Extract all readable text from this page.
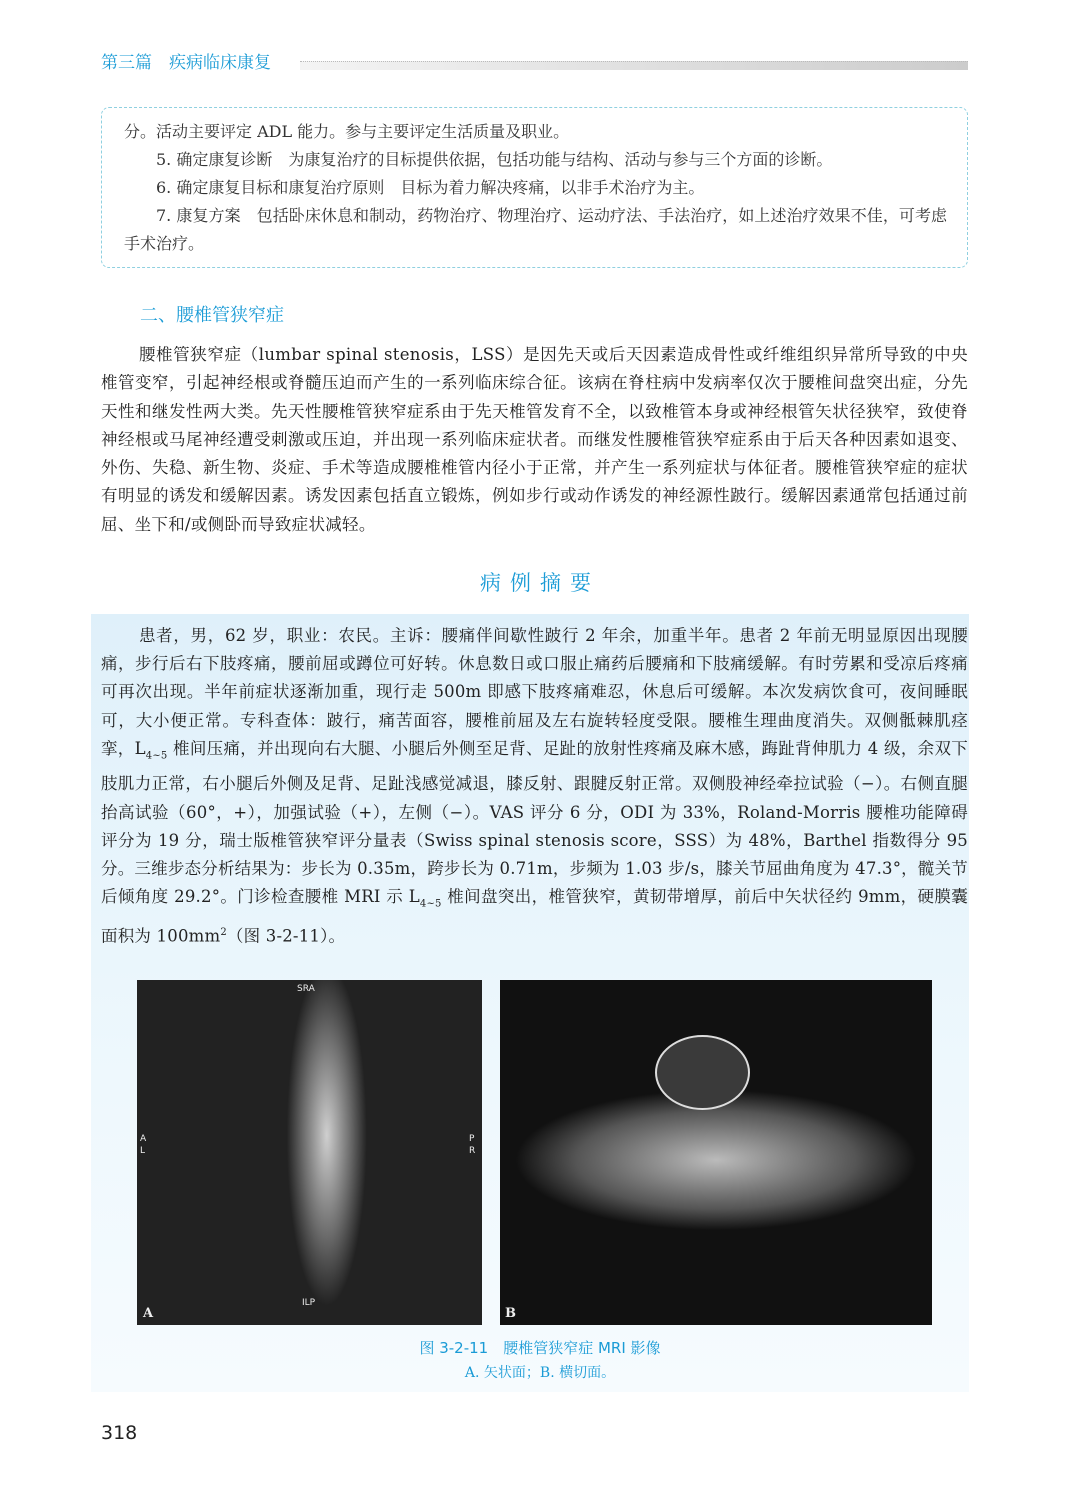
第三篇　 疾病临床康复
分。活动主要评定 ADL 能力。参与主要评定生活质量及职业。
5. 确定康复诊断　为康复治疗的目标提供依据，包括功能与结构、活动与参与三个方面的诊断。
6. 确定康复目标和康复治疗原则　目标为着力解决疼痛，以非手术治疗为主。
7. 康复方案　包括卧床休息和制动，药物治疗、物理治疗、运动疗法、手法治疗，如上述治疗效果不佳，可考虑手术治疗。
二、腰椎管狭窄症
腰椎管狭窄症（lumbar spinal stenosis，LSS）是因先天或后天因素造成骨性或纤维组织异常所导致的中央椎管变窄，引起神经根或脊髓压迫而产生的一系列临床综合征。该病在脊柱病中发病率仅次于腰椎间盘突出症，分先天性和继发性两大类。先天性腰椎管狭窄症系由于先天椎管发育不全，以致椎管本身或神经根管矢状径狭窄，致使脊神经根或马尾神经遭受刺激或压迫，并出现一系列临床症状者。而继发性腰椎管狭窄症系由于后天各种因素如退变、外伤、失稳、新生物、炎症、手术等造成腰椎椎管内径小于正常，并产生一系列症状与体征者。腰椎管狭窄症的症状有明显的诱发和缓解因素。诱发因素包括直立锻炼，例如步行或动作诱发的神经源性跛行。缓解因素通常包括通过前屈、坐下和/或侧卧而导致症状减轻。
病例摘要
患者，男，62 岁，职业：农民。主诉：腰痛伴间歇性跛行 2 年余，加重半年。患者 2 年前无明显原因出现腰痛，步行后右下肢疼痛，腰前屈或蹲位可好转。休息数日或口服止痛药后腰痛和下肢痛缓解。有时劳累和受凉后疼痛可再次出现。半年前症状逐渐加重，现行走 500m 即感下肢疼痛难忍，休息后可缓解。本次发病饮食可，夜间睡眠可，大小便正常。专科查体：跛行，痛苦面容，腰椎前屈及左右旋转轻度受限。腰椎生理曲度消失。双侧骶棘肌痉挛，$L_{4\sim 5}$ 椎间压痛，并出现向右大腿、小腿后外侧至足背、足趾的放射性疼痛及麻木感，踇趾背伸肌力 4 级，余双下肢肌力正常，右小腿后外侧及足背、足趾浅感觉减退，膝反射、跟腱反射正常。双侧股神经牵拉试验（−）。右侧直腿抬高试验（60°，+），加强试验（+），左侧（−）。VAS 评分 6 分，ODI 为 33%，Roland-Morris 腰椎功能障碍评分为 19 分，瑞士版椎管狭窄评分量表（Swiss spinal stenosis score，SSS）为 48%，Barthel 指数得分 95 分。三维步态分析结果为：步长为 0.35m，跨步长为 0.71m，步频为 1.03 步/s，膝关节屈曲角度为 47.3°，髋关节后倾角度 29.2°。门诊检查腰椎 MRI 示 $L_{4\sim 5}$ 椎间盘突出，椎管狭窄，黄韧带增厚，前后中矢状径约 9mm，硬膜囊面积为 $100mm^2$（图 3-2-11）。
SRA
A
L
P
R
ILP
A	B
图 3-2-11　腰椎管狭窄症 MRI 影像
A. 矢状面；B. 横切面。
318
